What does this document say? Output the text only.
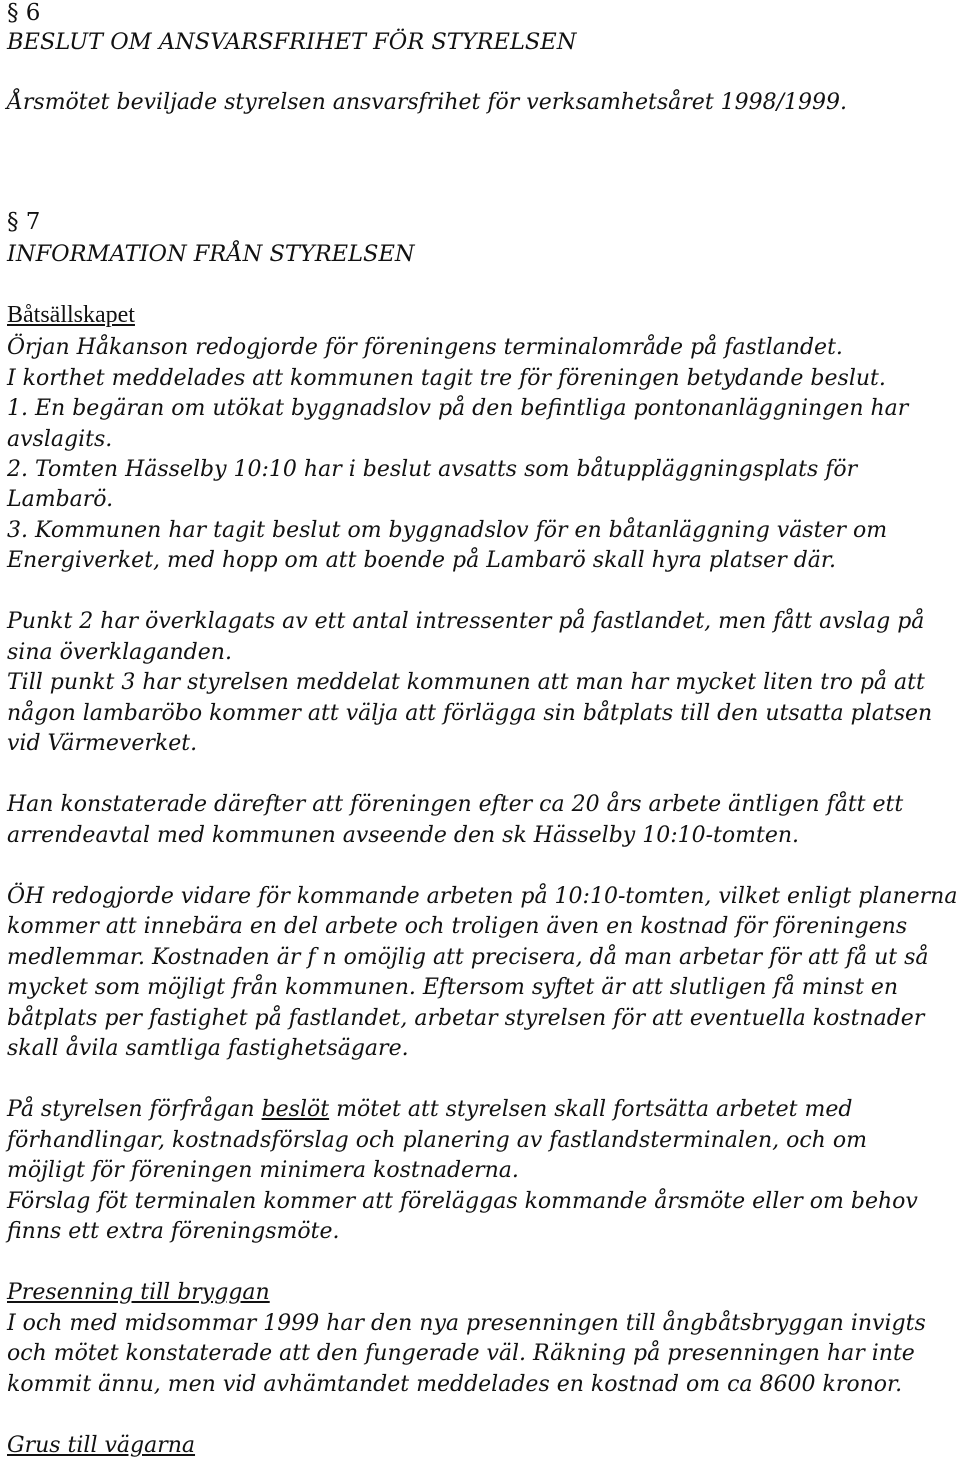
§ 6
BESLUT OM ANSVARSFRIHET FÖR STYRELSEN
Årsmötet beviljade styrelsen ansvarsfrihet för verksamhetsåret 1998/1999.
§ 7
INFORMATION FRÅN STYRELSEN
Båtsällskapet
Örjan Håkanson redogjorde för föreningens terminalområde på fastlandet.
I korthet meddelades att kommunen tagit tre för föreningen betydande beslut.
1. En begäran om utökat byggnadslov på den befintliga pontonanläggningen har
avslagits.
2. Tomten Hässelby 10:10 har i beslut avsatts som båtuppläggningsplats för
Lambarö.
3. Kommunen har tagit beslut om byggnadslov för en båtanläggning väster om
Energiverket, med hopp om att boende på Lambarö skall hyra platser där.
Punkt 2 har överklagats av ett antal intressenter på fastlandet, men fått avslag på
sina överklaganden.
Till punkt 3 har styrelsen meddelat kommunen att man har mycket liten tro på att
någon lambaröbo kommer att välja att förlägga sin båtplats till den utsatta platsen
vid Värmeverket.
Han konstaterade därefter att föreningen efter ca 20 års arbete äntligen fått ett
arrendeavtal med kommunen avseende den sk Hässelby 10:10-tomten.
ÖH redogjorde vidare för kommande arbeten på 10:10-tomten, vilket enligt planerna
kommer att innebära en del arbete och troligen även en kostnad för föreningens
medlemmar. Kostnaden är f n omöjlig att precisera, då man arbetar för att få ut så
mycket som möjligt från kommunen. Eftersom syftet är att slutligen få minst en
båtplats per fastighet på fastlandet, arbetar styrelsen för att eventuella kostnader
skall åvila samtliga fastighetsägare.
På styrelsen förfrågan beslöt mötet att styrelsen skall fortsätta arbetet med
förhandlingar, kostnadsförslag och planering av fastlandsterminalen, och om
möjligt för föreningen minimera kostnaderna.
Förslag föt terminalen kommer att föreläggas kommande årsmöte eller om behov
finns ett extra föreningsmöte.
Presenning till bryggan
I och med midsommar 1999 har den nya presenningen till ångbåtsbryggan invigts
och mötet konstaterade att den fungerade väl. Räkning på presenningen har inte
kommit ännu, men vid avhämtandet meddelades en kostnad om ca 8600 kronor.
Grus till vägarna
